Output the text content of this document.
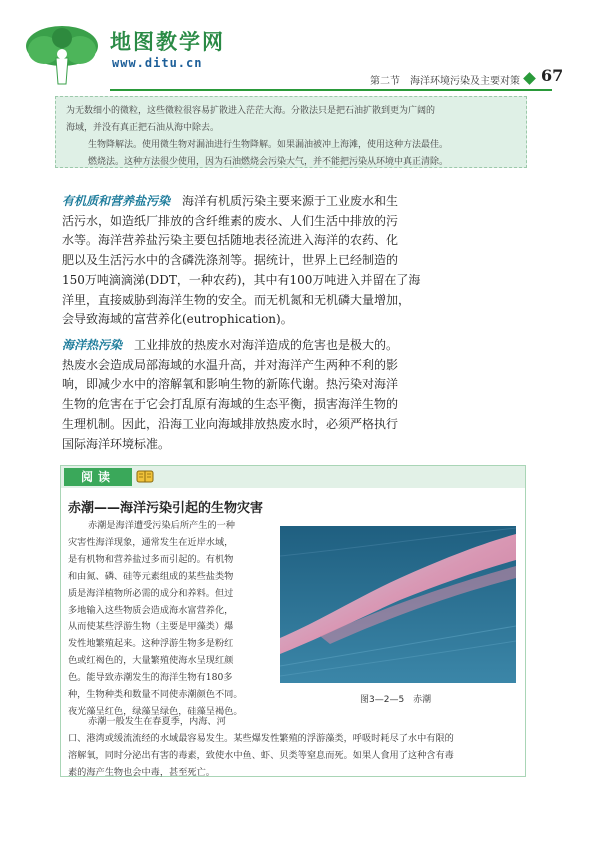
地图教学网
www.ditu.cn
第二节　海洋环境污染及主要对策 67

为无数细小的微粒，这些微粒很容易扩散进入茫茫大海。分散法只是把石油扩散到更为广阔的

海域，并没有真正把石油从海中除去。

生物降解法。使用微生物对漏油进行生物降解。如果漏油被冲上海滩，使用这种方法最佳。

燃烧法。这种方法很少使用，因为石油燃烧会污染大气，并不能把污染从环境中真正清除。

有机质和营养盐污染　 海洋有机质污染主要来源于工业废水和生

活污水，如造纸厂排放的含纤维素的废水、人们生活中排放的污

水等。海洋营养盐污染主要包括随地表径流进入海洋的农药、化

肥以及生活污水中的含磷洗涤剂等。据统计，世界上已经制造的

150万吨滴滴涕(DDT，一种农药)，其中有100万吨进入并留在了海

洋里，直接威胁到海洋生物的安全。而无机氮和无机磷大量增加，

会导致海域的富营养化(eutrophication)。

海洋热污染　 工业排放的热废水对海洋造成的危害也是极大的。

热废水会造成局部海域的水温升高，并对海洋产生两种不利的影

响，即减少水中的溶解氧和影响生物的新陈代谢。热污染对海洋

生物的危害在于它会打乱原有海域的生态平衡，损害海洋生物的

生理机制。因此，沿海工业向海域排放热废水时，必须严格执行

国际海洋环境标准。

阅读
赤潮——海洋污染引起的生物灾害

赤潮是海洋遭受污染后所产生的一种

灾害性海洋现象，通常发生在近岸水域，

是有机物和营养盐过多而引起的。有机物

和由氮、磷、硅等元素组成的某些盐类物

质是海洋植物所必需的成分和养料。但过

多地输入这些物质会造成海水富营养化，

从而使某些浮游生物（主要是甲藻类）爆

发性地繁殖起来。这种浮游生物多是粉红

色或红褐色的，大量繁殖使海水呈现红颜

色。能导致赤潮发生的海洋生物有180多

种，生物种类和数量不同使赤潮颜色不同。

夜光藻呈红色，绿藻呈绿色，硅藻呈褐色。

赤潮一般发生在春夏季，内海、河

口、港湾或缓流流经的水域最容易发生。某些爆发性繁殖的浮游藻类，呼吸时耗尽了水中有限的

溶解氧，同时分泌出有害的毒素，致使水中鱼、虾、贝类等窒息而死。如果人食用了这种含有毒

素的海产生物也会中毒，甚至死亡。

图3—2—5　赤潮
